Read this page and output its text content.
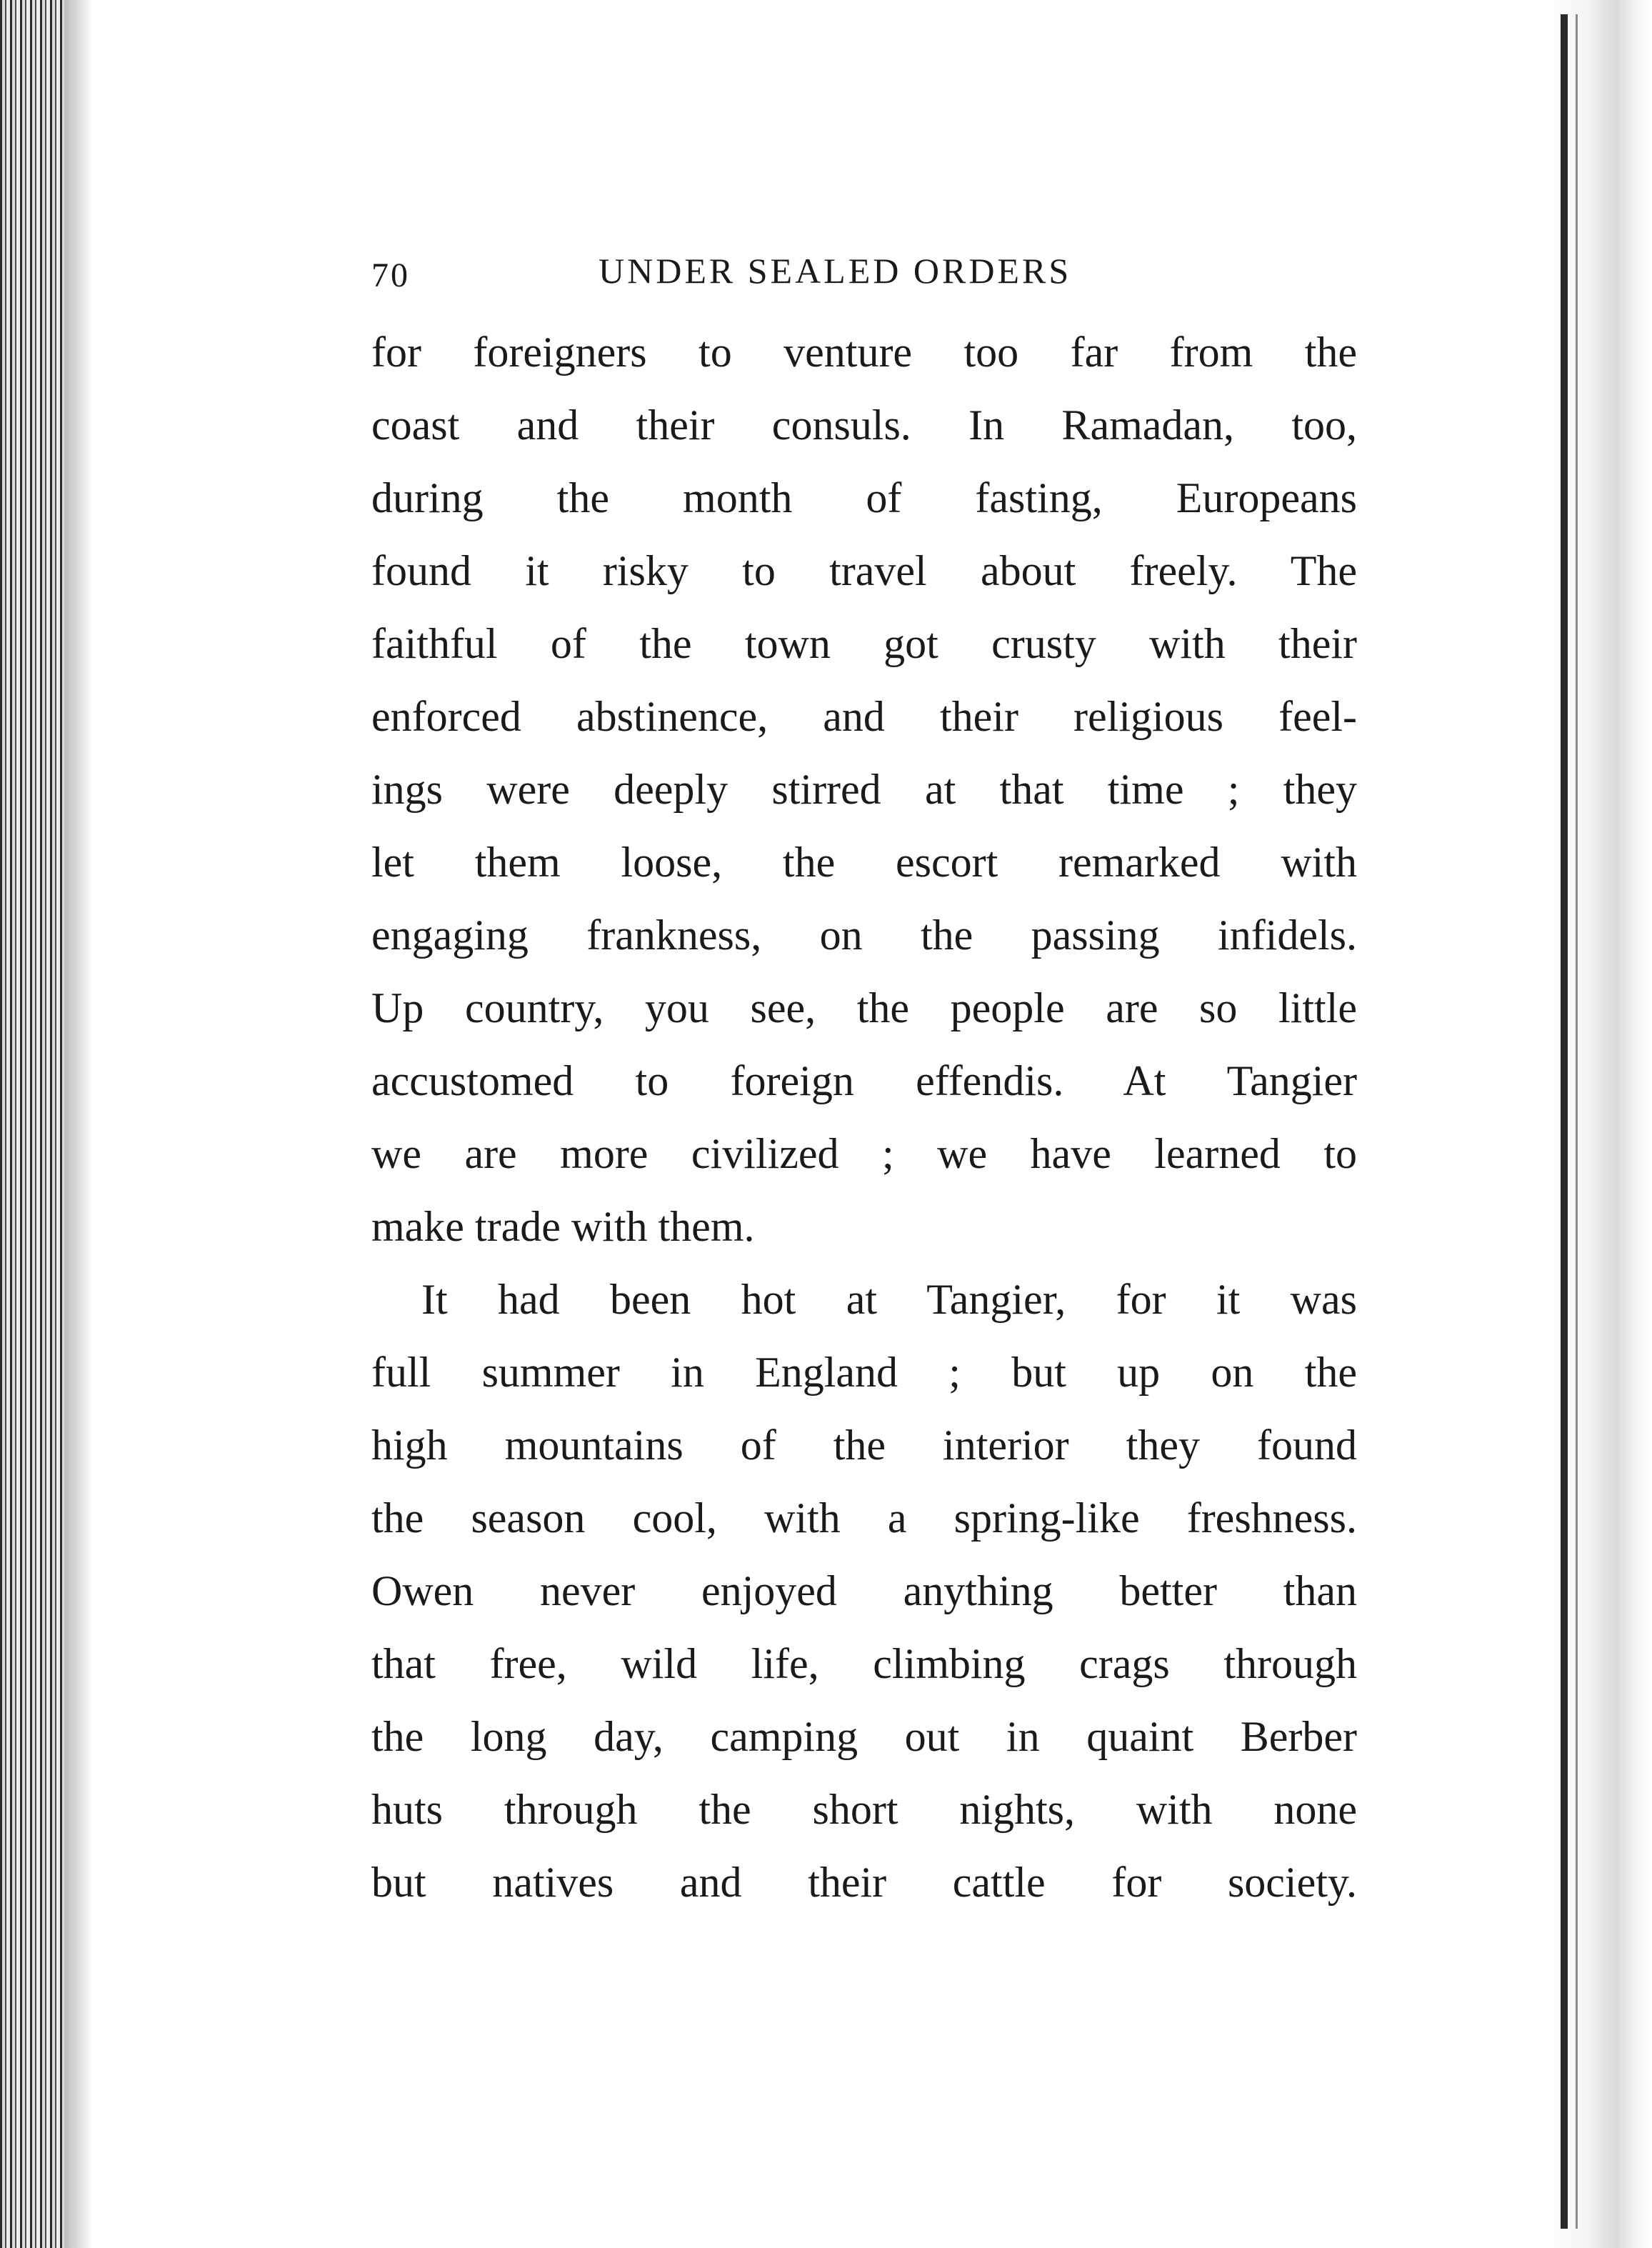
70	UNDER SEALED ORDERS
for foreigners to venture too far from the
coast and their consuls. In Ramadan, too,
during the month of fasting, Europeans
found it risky to travel about freely. The
faithful of the town got crusty with their
enforced abstinence, and their religious feel-
ings were deeply stirred at that time ; they
let them loose, the escort remarked with
engaging frankness, on the passing infidels.
Up country, you see, the people are so little
accustomed to foreign effendis. At Tangier
we are more civilized ; we have learned to
make trade with them.
It had been hot at Tangier, for it was
full summer in England ; but up on the
high mountains of the interior they found
the season cool, with a spring-like freshness.
Owen never enjoyed anything better than
that free, wild life, climbing crags through
the long day, camping out in quaint Berber
huts through the short nights, with none
but natives and their cattle for society.
